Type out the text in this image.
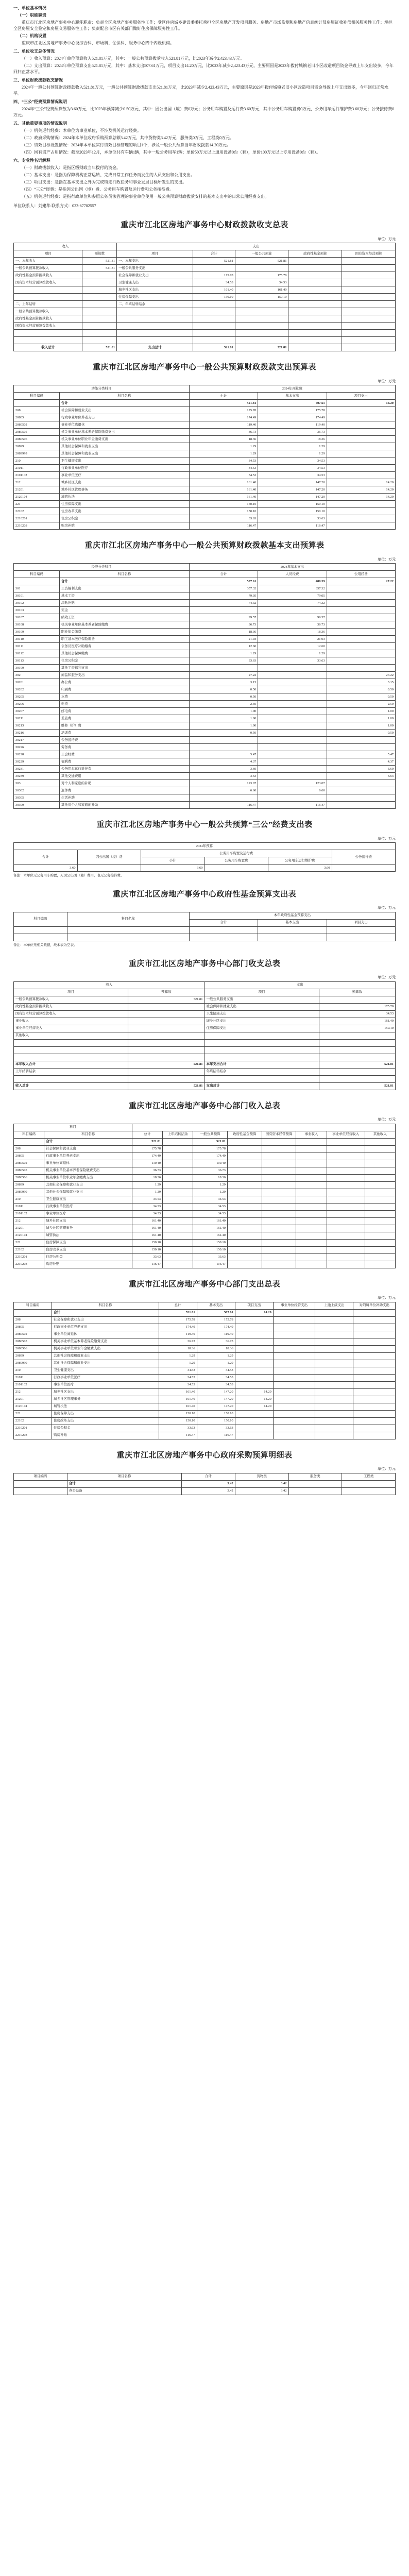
一、单位基本情况

（一）职能职责

重庆市江北区房地产事务中心职能职责：负责全区房地产事务服务性工作；受区住房城乡建设委委托承担全区房地产开发项目服务、房地产市场监测和房地产信息统计及房屋征收补偿相关服务性工作；承担全区房屋安全鉴定和房屋交易服务性工作；负责配合市区有关部门做好住房保障服务性工作。

（二）机构设置

重庆市江北区房地产事务中心设综合科、市场科、住保科、服务中心四个内设机构。

二、单位收支总体情况

（一）收入预算：2024年单位预算收入521.81万元，其中：一般公共预算拨款收入521.81万元，比2023年减少2,423.43万元。

（二）支出预算：2024年单位预算支出521.81万元，其中：基本支出507.61万元，项目支出14.20万元，比2023年减少2,423.43万元，主要原因是2023年拨付城镇老旧小区改造项目资金导致上年支出较多，今年回归正常水平。

三、单位财政拨款收支情况

2024年一般公共预算财政拨款收入521.81万元，一般公共预算财政拨款支出521.81万元，比2023年减少2,423.43万元，主要原因是2023年拨付城镇老旧小区改造项目资金导致上年支出较多，今年回归正常水平。

四、“三公”经费预算情况说明

2024年“三公”经费预算数为3.60万元，比2023年预算减少0.50万元，其中：因公出国（境）费0万元；公务用车购置及运行费3.60万元，其中公务用车购置费0万元，公务用车运行维护费3.60万元；公务接待费0万元。

五、其他重要事项的情况说明

（一）机关运行经费：本单位为事业单位，不涉及机关运行经费。

（二）政府采购情况：2024年本单位政府采购预算总额3.42万元，其中货物类3.42万元，服务类0万元，工程类0万元。

（三）绩效目标设置情况：2024年本单位实行绩效目标管理的项目1个，涉及一般公共预算当年财政拨款14.20万元。

（四）国有资产占用情况：截至2023年12月，本单位共有车辆1辆，其中一般公务用车1辆；单价50万元以上通用设备0台（套），单价100万元以上专用设备0台（套）。

六、专业性名词解释

（一）财政拨款收入：是指区级财政当年拨付的资金。

（二）基本支出：是指为保障机构正常运转、完成日常工作任务而发生的人员支出和公用支出。

（三）项目支出：是指在基本支出之外为完成特定行政任务和事业发展目标所发生的支出。

（四）“三公”经费：是指因公出国（境）费、公务用车购置及运行费和公务接待费。

（五）机关运行经费：是指行政单位和参照公务员法管理的事业单位使用一般公共预算财政拨款安排的基本支出中的日常公用经费支出。

单位联系人：刘建华 联系方式：023-67702557

重庆市江北区房地产事务中心财政拨款收支总表
单位：万元
收入		支出				
项目	预算数	项目	合计	一般公共预算	政府性基金预算	国有资本经营预算
一、本年收入	521.81	一、本年支出	521.81	521.81		
一般公共预算拨款收入	521.81	一般公共服务支出				
政府性基金预算拨款收入		社会保障和就业支出	175.78	175.78		
国有资本经营预算拨款收入		卫生健康支出	34.53	34.53		
		城乡社区支出	161.40	161.40		
		住房保障支出	150.10	150.10		
二、上年结转		二、年终结转结余				
一般公共预算拨款收入						
政府性基金预算拨款收入						
国有资本经营预算拨款收入						

收入总计	521.81	支出总计	521.81	521.81		
重庆市江北区房地产事务中心一般公共预算财政拨款支出预算表
单位：万元
功能分类科目		2024年预算数		
科目编码	科目名称	小计	基本支出	项目支出
	合计	521.81	507.61	14.20
208	社会保障和就业支出	175.78	175.78	
20805	行政事业单位养老支出	174.49	174.49	
2080502	事业单位离退休	119.40	119.40	
2080505	机关事业单位基本养老保险缴费支出	36.73	36.73	
2080506	机关事业单位职业年金缴费支出	18.36	18.36	
20899	其他社会保障和就业支出	1.29	1.29	
2089999	其他社会保障和就业支出	1.29	1.29	
210	卫生健康支出	34.53	34.53	
21011	行政事业单位医疗	34.53	34.53	
2101102	事业单位医疗	34.53	34.53	
212	城乡社区支出	161.40	147.20	14.20
21201	城乡社区管理事务	161.40	147.20	14.20
2120104	城管执法	161.40	147.20	14.20
221	住房保障支出	150.10	150.10	
22102	住房改革支出	150.10	150.10	
2210201	住房公积金	33.63	33.63	
2210203	购房补贴	116.47	116.47	
重庆市江北区房地产事务中心一般公共预算财政拨款基本支出预算表
单位：万元
经济分类科目		2024年基本支出		
科目编码	科目名称	合计	人员经费	公用经费
	合计	507.61	480.39	27.22
301	工资福利支出	357.32	357.32	
30101	基本工资	79.05	79.05	
30102	津贴补贴	74.32	74.32	
30103	奖金			
30107	绩效工资	99.57	99.57	
30108	机关事业单位基本养老保险缴费	36.73	36.73	
30109	职业年金缴费	18.36	18.36	
30110	职工基本医疗保险缴费	21.93	21.93	
30111	公务员医疗补助缴费	12.60	12.60	
30112	其他社会保障缴费	1.29	1.29	
30113	住房公积金	33.63	33.63	
30199	其他工资福利支出			
302	商品和服务支出	27.22		27.22
30201	办公费	3.15		3.15
30202	印刷费	0.50		0.50
30205	水费	0.50		0.50
30206	电费	2.50		2.50
30207	邮电费	1.00		1.00
30211	差旅费	1.00		1.00
30213	维修（护）费	1.00		1.00
30216	培训费	0.50		0.50
30217	公务接待费			
30226	劳务费			
30228	工会经费	5.47		5.47
30229	福利费	4.37		4.37
30231	公务用车运行维护费	3.60		3.60
30239	其他交通费用	3.63		3.63
303	对个人和家庭的补助	123.07	123.07	
30302	退休费	6.60	6.60	
30305	生活补助			
30399	其他对个人和家庭的补助	116.47	116.47	
重庆市江北区房地产事务中心一般公共预算“三公”经费支出表
单位：万元
2024年预算					
合计	因公出国（境）费	公务用车购置及运行费			公务接待费
		小计	公务用车购置费	公务用车运行维护费	
3.60		3.60		3.60	
备注：本单位无公务用车购置，无因公出国（境）费用，也无公务接待费。
重庆市江北区房地产事务中心政府性基金预算支出表
单位：万元
科目编码	科目名称	本年政府性基金预算支出		
		合计	基本支出	项目支出

备注：本单位无相关数据，故本表为空表。
重庆市江北区房地产事务中心部门收支总表
单位：万元
收入		支出	
项目	预算数	项目	预算数
一般公共预算拨款收入	521.81	一般公共服务支出	
政府性基金预算拨款收入		社会保障和就业支出	175.78
国有资本经营预算拨款收入		卫生健康支出	34.53
事业收入		城乡社区支出	161.40
事业单位经营收入		住房保障支出	150.10
其他收入			

本年收入合计	521.81	本年支出合计	521.81
上年结转结余		年终结转结余	

收入总计	521.81	支出总计	521.81
重庆市江北区房地产事务中心部门收入总表
单位：万元
科目									
科目编码	科目名称	总计	上年结转结余	一般公共预算	政府性基金预算	国有资本经营预算	事业收入	事业单位经营收入	其他收入
	合计	521.81		521.81					
208	社会保障和就业支出	175.78		175.78					
20805	行政事业单位养老支出	174.49		174.49					
2080502	事业单位离退休	119.40		119.40					
2080505	机关事业单位基本养老保险缴费支出	36.73		36.73					
2080506	机关事业单位职业年金缴费支出	18.36		18.36					
20899	其他社会保障和就业支出	1.29		1.29					
2089999	其他社会保障和就业支出	1.29		1.29					
210	卫生健康支出	34.53		34.53					
21011	行政事业单位医疗	34.53		34.53					
2101102	事业单位医疗	34.53		34.53					
212	城乡社区支出	161.40		161.40					
21201	城乡社区管理事务	161.40		161.40					
2120104	城管执法	161.40		161.40					
221	住房保障支出	150.10		150.10					
22102	住房改革支出	150.10		150.10					
2210201	住房公积金	33.63		33.63					
2210203	购房补贴	116.47		116.47					
重庆市江北区房地产事务中心部门支出总表
单位：万元
科目编码	科目名称	总计	基本支出	项目支出	事业单位经营支出	上缴上级支出	对附属单位补助支出
	合计	521.81	507.61	14.20			
208	社会保障和就业支出	175.78	175.78				
20805	行政事业单位养老支出	174.49	174.49				
2080502	事业单位离退休	119.40	119.40				
2080505	机关事业单位基本养老保险缴费支出	36.73	36.73				
2080506	机关事业单位职业年金缴费支出	18.36	18.36				
20899	其他社会保障和就业支出	1.29	1.29				
2089999	其他社会保障和就业支出	1.29	1.29				
210	卫生健康支出	34.53	34.53				
21011	行政事业单位医疗	34.53	34.53				
2101102	事业单位医疗	34.53	34.53				
212	城乡社区支出	161.40	147.20	14.20			
21201	城乡社区管理事务	161.40	147.20	14.20			
2120104	城管执法	161.40	147.20	14.20			
221	住房保障支出	150.10	150.10				
22102	住房改革支出	150.10	150.10				
2210201	住房公积金	33.63	33.63				
2210203	购房补贴	116.47	116.47				
重庆市江北区房地产事务中心政府采购预算明细表
单位：万元
项目编码	项目名称	合计	货物类	服务类	工程类
	合计	3.42	3.42		
	办公设备	3.42	3.42		
